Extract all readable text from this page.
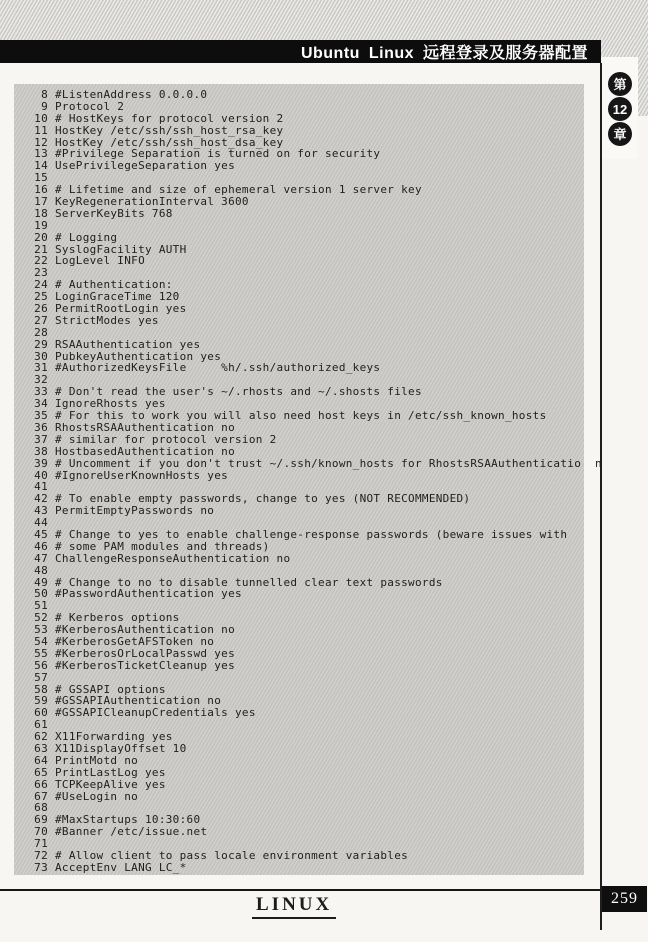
Ubuntu Linux 远程登录及服务器配置
第
12
章
8 #ListenAddress 0.0.0.0
9 Protocol 2
10 # HostKeys for protocol version 2
11 HostKey /etc/ssh/ssh_host_rsa_key
12 HostKey /etc/ssh/ssh_host_dsa_key
13 #Privilege Separation is turned on for security
14 UsePrivilegeSeparation yes
15
16 # Lifetime and size of ephemeral version 1 server key
17 KeyRegenerationInterval 3600
18 ServerKeyBits 768
19
20 # Logging
21 SyslogFacility AUTH
22 LogLevel INFO
23
24 # Authentication:
25 LoginGraceTime 120
26 PermitRootLogin yes
27 StrictModes yes
28
29 RSAAuthentication yes
30 PubkeyAuthentication yes
31 #AuthorizedKeysFile     %h/.ssh/authorized_keys
32
33 # Don't read the user's ~/.rhosts and ~/.shosts files
34 IgnoreRhosts yes
35 # For this to work you will also need host keys in /etc/ssh_known_hosts
36 RhostsRSAAuthentication no
37 # similar for protocol version 2
38 HostbasedAuthentication no
39 # Uncomment if you don't trust ~/.ssh/known_hosts for RhostsRSAAuthenticatio  n
40 #IgnoreUserKnownHosts yes
41
42 # To enable empty passwords, change to yes (NOT RECOMMENDED)
43 PermitEmptyPasswords no
44
45 # Change to yes to enable challenge-response passwords (beware issues with
46 # some PAM modules and threads)
47 ChallengeResponseAuthentication no
48
49 # Change to no to disable tunnelled clear text passwords
50 #PasswordAuthentication yes
51
52 # Kerberos options
53 #KerberosAuthentication no
54 #KerberosGetAFSToken no
55 #KerberosOrLocalPasswd yes
56 #KerberosTicketCleanup yes
57
58 # GSSAPI options
59 #GSSAPIAuthentication no
60 #GSSAPICleanupCredentials yes
61
62 X11Forwarding yes
63 X11DisplayOffset 10
64 PrintMotd no
65 PrintLastLog yes
66 TCPKeepAlive yes
67 #UseLogin no
68
69 #MaxStartups 10:30:60
70 #Banner /etc/issue.net
71
72 # Allow client to pass locale environment variables
73 AcceptEnv LANG LC_*
LINUX	259
